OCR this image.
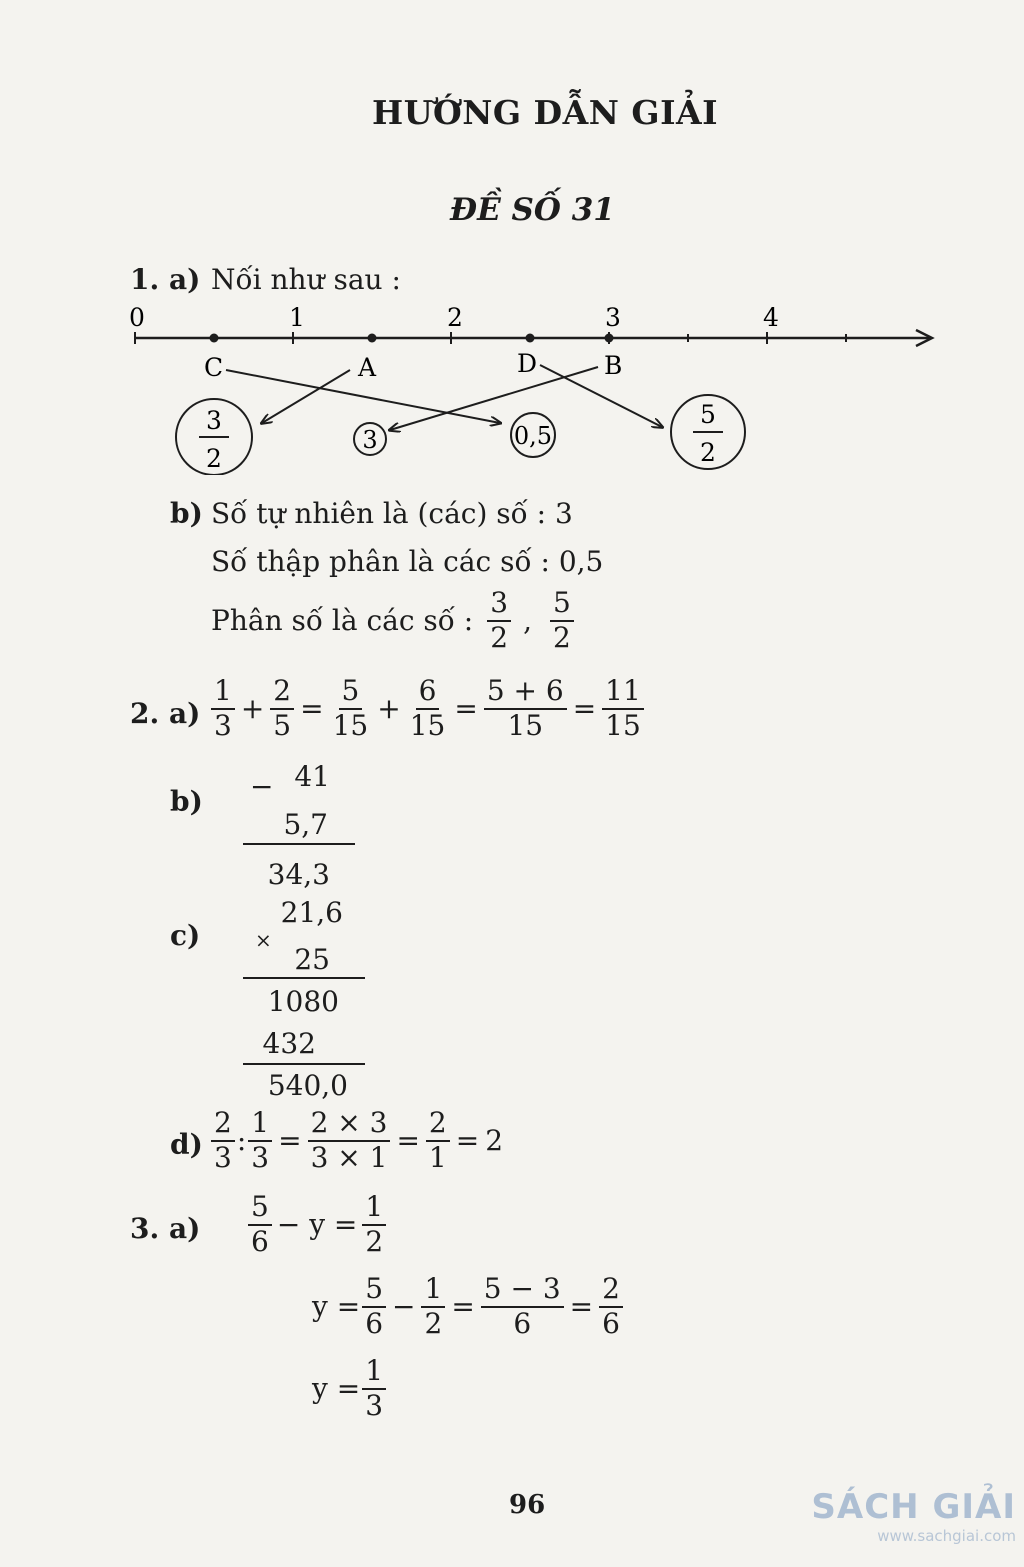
HƯỚNG DẪN GIẢI
ĐỀ SỐ 31
1. a) Nối như sau :
0	1	2	3	4
C	A	D	B
3
2
3	0,5
5
2
b) Số tự nhiên là (các) số : 3
Số thập phân là các số : 0,5
Phân số là các số : $\frac{3}{2}$ , $\frac{5}{2}$
2. $a) \frac{1}{3} + \frac{2}{5} = \frac{5}{15} + \frac{6}{15} = \frac{5 + 6}{15} = \frac{11}{15}$
b) − 41
5,7
34,3
c)	×
21,6
25
1080
432
540,0
$d) \frac{2}{3}$ : $\frac{1}{3} = \frac{2 \times 3}{3 \times 1} = \frac{2}{1} = 2$
3. $a) \frac{5}{6} - y = \frac{1}{2}$
$y = \frac{5}{6} - \frac{1}{2} = \frac{5 - 3}{6} = \frac{2}{6}$
$y = \frac{1}{3}$
96	SÁCH GIẢI
www.sachgiai.com
